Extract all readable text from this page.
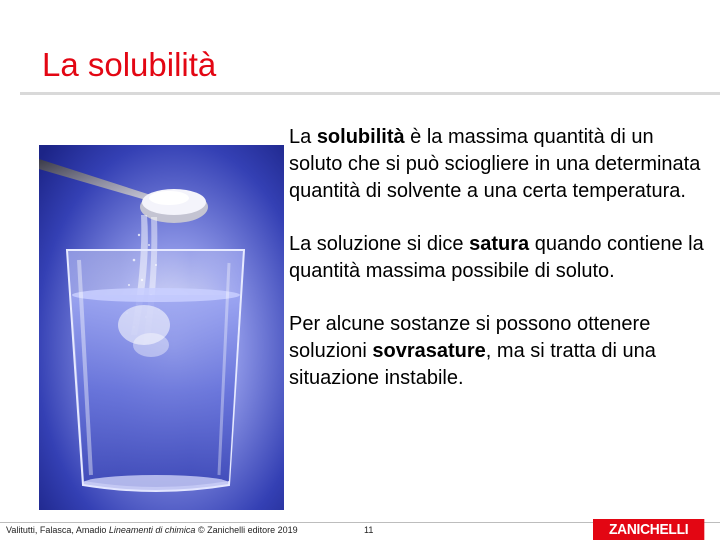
La solubilità

La solubilità è la massima quantità di un soluto che si può sciogliere in una determinata quantità di solvente a una certa temperatura.

La soluzione si dice satura quando contiene la quantità massima possibile di soluto.

Per alcune sostanze si possono ottenere soluzioni sovrasature, ma si tratta di una situazione instabile.

Valitutti, Falasca, Amadio Lineamenti di chimica © Zanichelli editore 2019	11	ZANICHELLI
